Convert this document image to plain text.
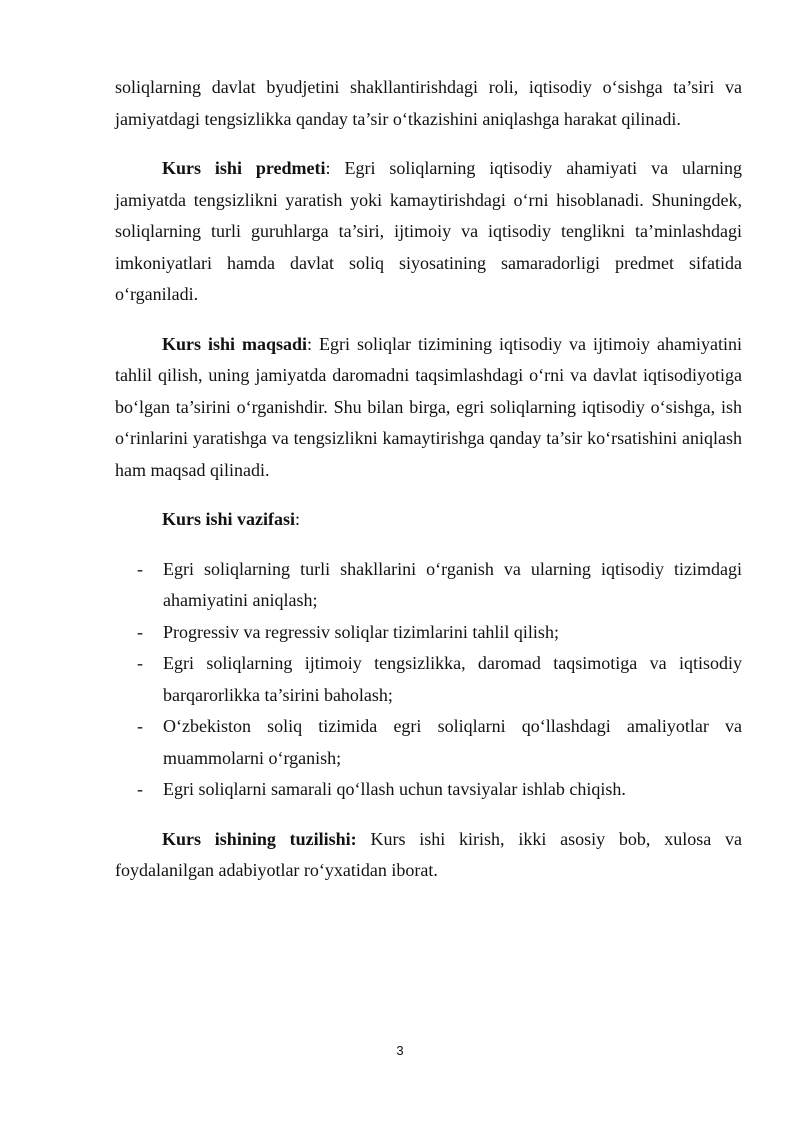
soliqlarning davlat byudjetini shakllantirishdagi roli, iqtisodiy o‘sishga ta’siri va jamiyatdagi tengsizlikka qanday ta’sir o‘tkazishini aniqlashga harakat qilinadi.

Kurs ishi predmeti: Egri soliqlarning iqtisodiy ahamiyati va ularning jamiyatda tengsizlikni yaratish yoki kamaytirishdagi o‘rni hisoblanadi. Shuningdek, soliqlarning turli guruhlarga ta’siri, ijtimoiy va iqtisodiy tenglikni ta’minlashdagi imkoniyatlari hamda davlat soliq siyosatining samaradorligi predmet sifatida o‘rganiladi.

Kurs ishi maqsadi: Egri soliqlar tizimining iqtisodiy va ijtimoiy ahamiyatini tahlil qilish, uning jamiyatda daromadni taqsimlashdagi o‘rni va davlat iqtisodiyotiga bo‘lgan ta’sirini o‘rganishdir. Shu bilan birga, egri soliqlarning iqtisodiy o‘sishga, ish o‘rinlarini yaratishga va tengsizlikni kamaytirishga qanday ta’sir ko‘rsatishini aniqlash ham maqsad qilinadi.

Kurs ishi vazifasi:
- Egri soliqlarning turli shakllarini o‘rganish va ularning iqtisodiy tizimdagi ahamiyatini aniqlash;
- Progressiv va regressiv soliqlar tizimlarini tahlil qilish;
- Egri soliqlarning ijtimoiy tengsizlikka, daromad taqsimotiga va iqtisodiy barqarorlikka ta’sirini baholash;
- O‘zbekiston soliq tizimida egri soliqlarni qo‘llashdagi amaliyotlar va muammolarni o‘rganish;
- Egri soliqlarni samarali qo‘llash uchun tavsiyalar ishlab chiqish.

Kurs ishining tuzilishi: Kurs ishi kirish, ikki asosiy bob, xulosa va foydalanilgan adabiyotlar ro‘yxatidan iborat.

3
